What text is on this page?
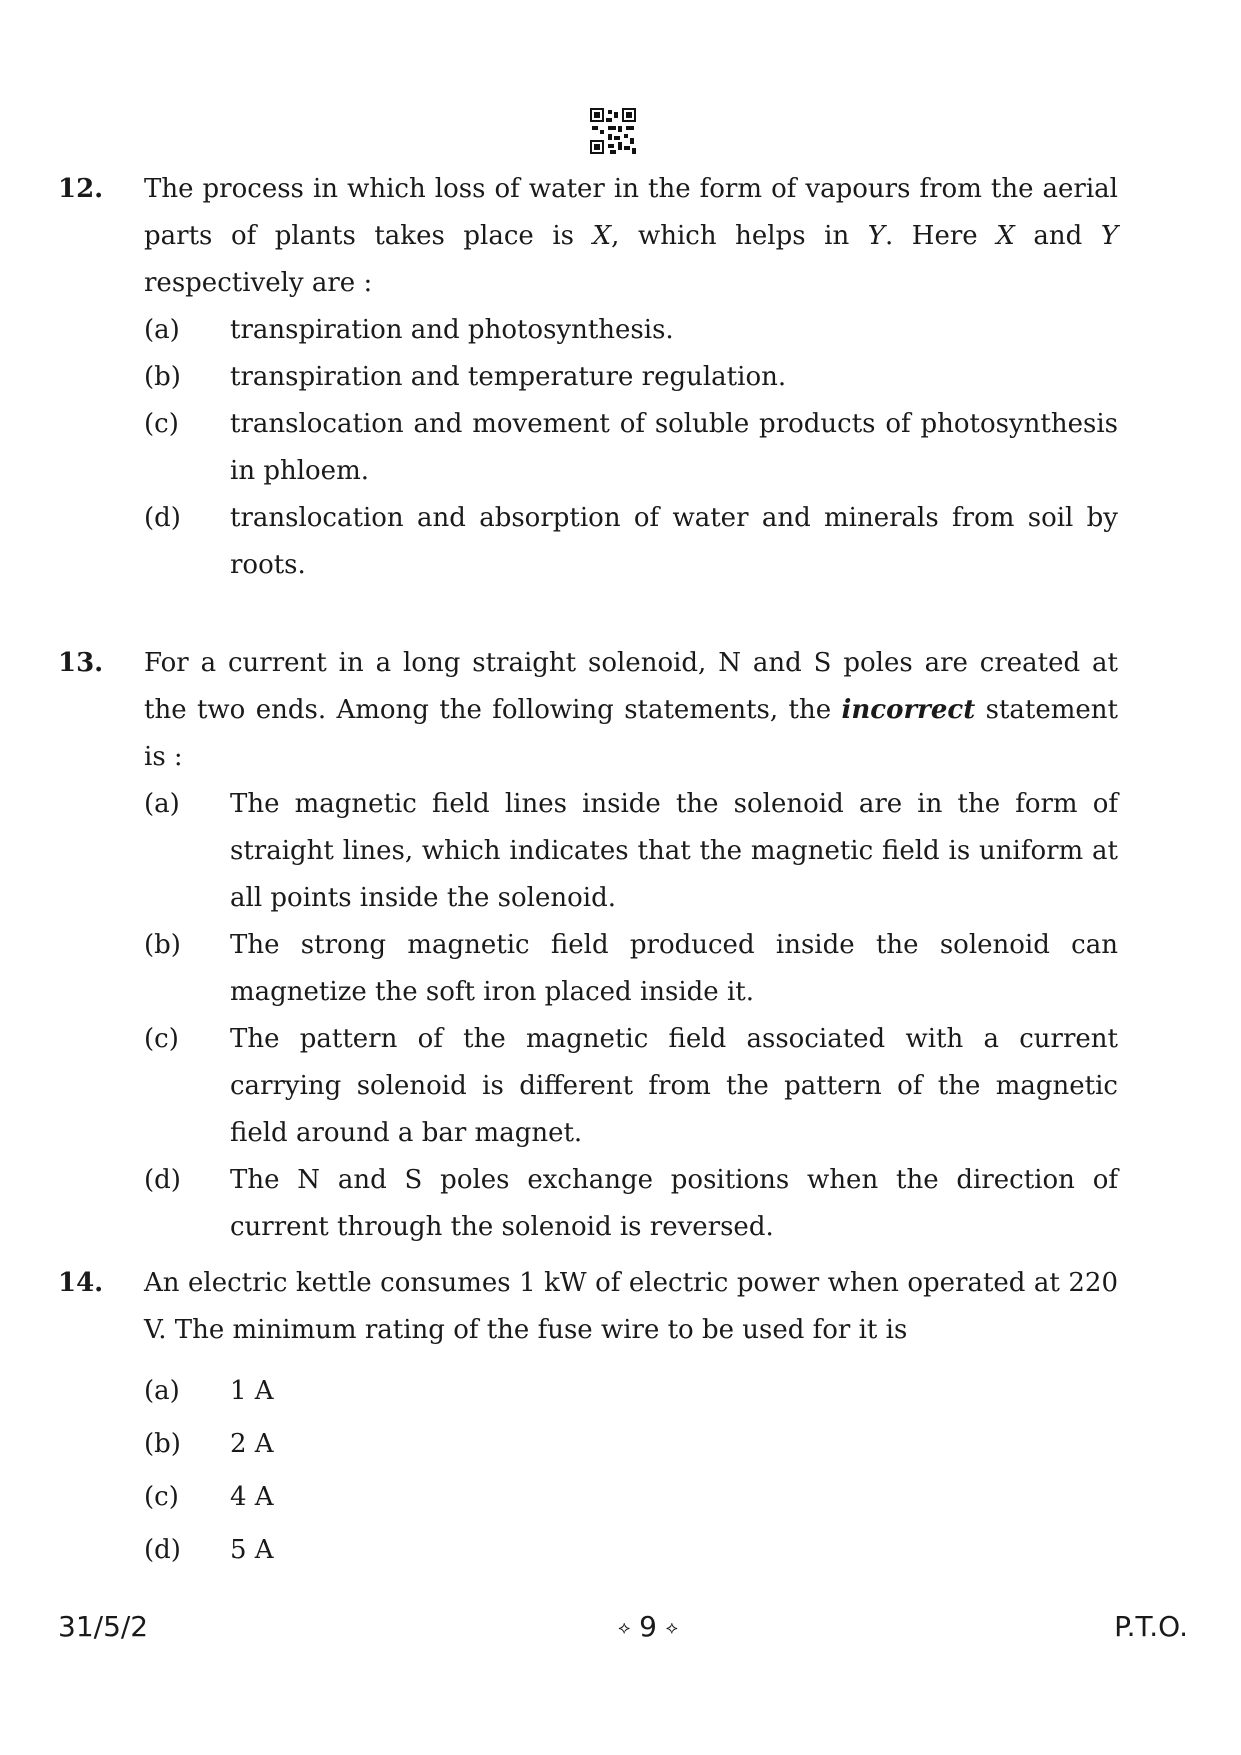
12. The process in which loss of water in the form of vapours from the aerial parts of plants takes place is X, which helps in Y. Here X and Y respectively are :
(a) transpiration and photosynthesis.
(b) transpiration and temperature regulation.
(c) translocation and movement of soluble products of photosynthesis in phloem.
(d) translocation and absorption of water and minerals from soil by roots.
13. For a current in a long straight solenoid, N and S poles are created at the two ends. Among the following statements, the incorrect statement is :
(a) The magnetic field lines inside the solenoid are in the form of straight lines, which indicates that the magnetic field is uniform at all points inside the solenoid.
(b) The strong magnetic field produced inside the solenoid can magnetize the soft iron placed inside it.
(c) The pattern of the magnetic field associated with a current carrying solenoid is different from the pattern of the magnetic field around a bar magnet.
(d) The N and S poles exchange positions when the direction of current through the solenoid is reversed.
14. An electric kettle consumes 1 kW of electric power when operated at 220 V. The minimum rating of the fuse wire to be used for it is
(a) 1 A
(b) 2 A
(c) 4 A
(d) 5 A
31/5/2	⟡ 9 ⟡	P.T.O.
